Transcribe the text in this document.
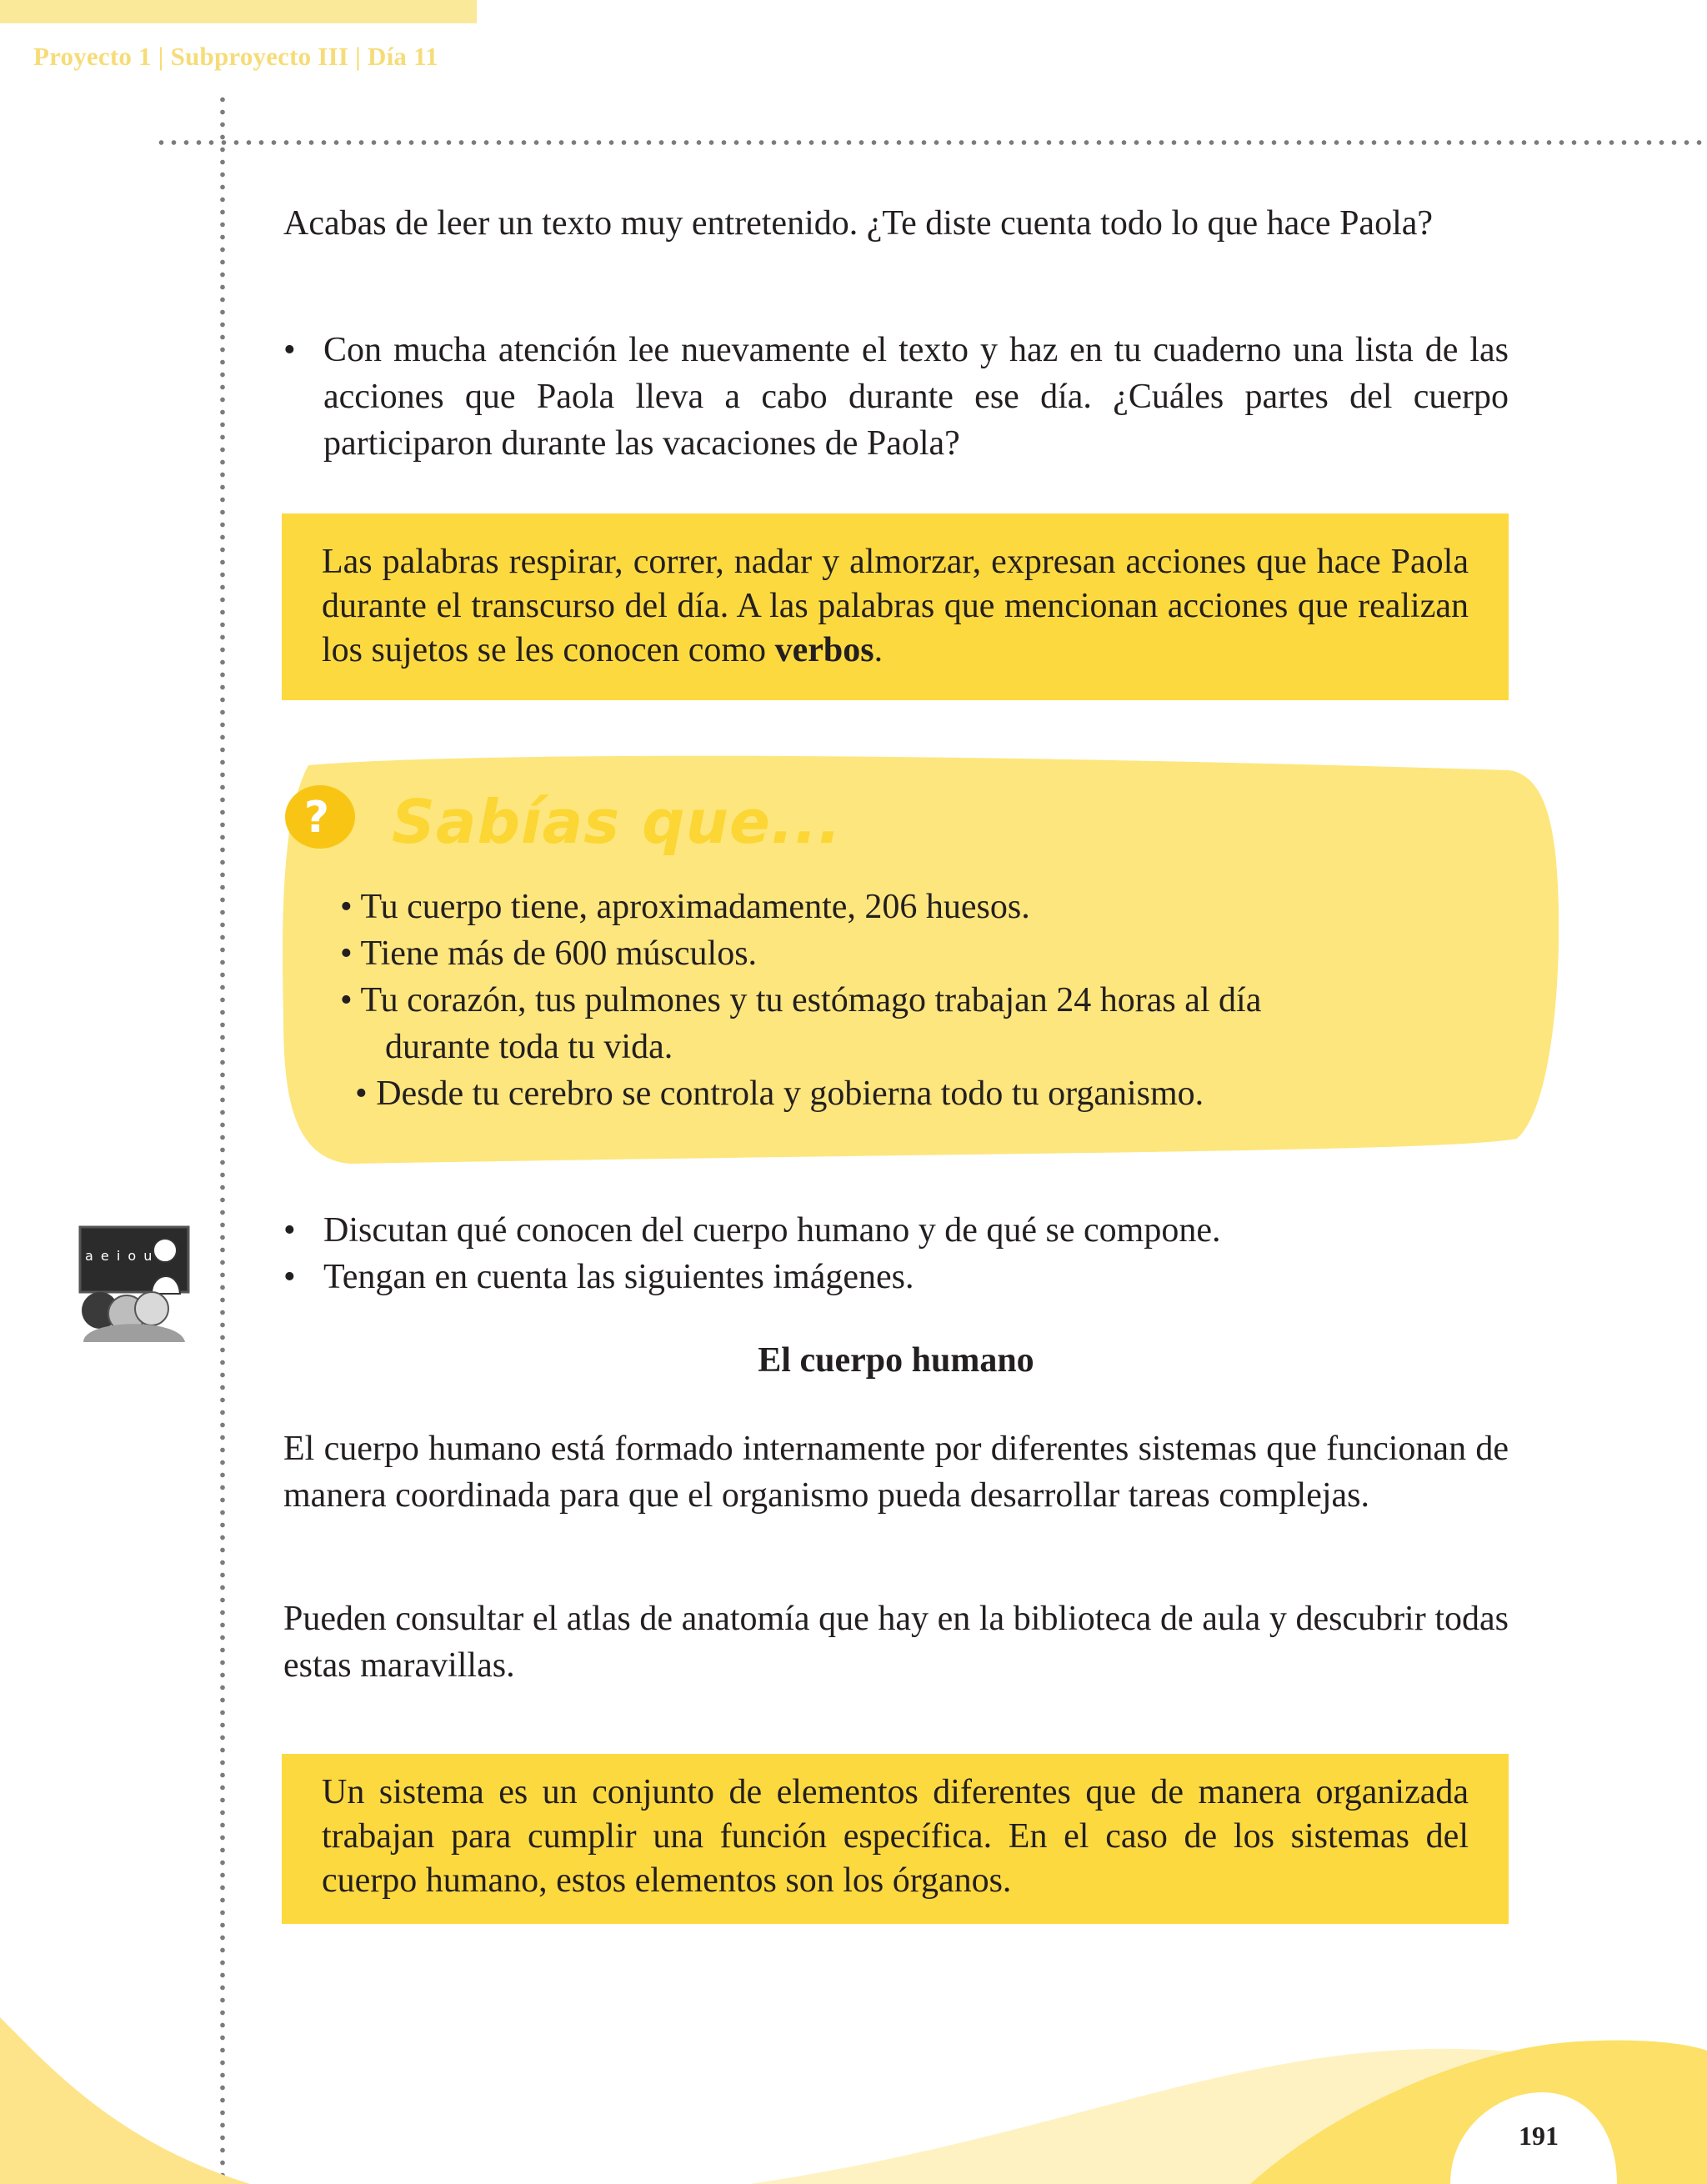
Proyecto 1 | Subproyecto III | Día 11

Acabas de leer un texto muy entretenido. ¿Te diste cuenta todo lo que hace Paola?

• Con mucha atención lee nuevamente el texto y haz en tu cuaderno una lista de las acciones que Paola lleva a cabo durante ese día. ¿Cuáles partes del cuerpo participaron durante las vacaciones de Paola?

Las palabras respirar, correr, nadar y almorzar, expresan acciones que hace Paola durante el transcurso del día. A las palabras que mencionan acciones que realizan los sujetos se les conocen como verbos.

? Sabías que...
• Tu cuerpo tiene, aproximadamente, 206 huesos.
• Tiene más de 600 músculos.
• Tu corazón, tus pulmones y tu estómago trabajan 24 horas al día
durante toda tu vida.
• Desde tu cerebro se controla y gobierna todo tu organismo.
a e i o u
• Discutan qué conocen del cuerpo humano y de qué se compone.
• Tengan en cuenta las siguientes imágenes.
El cuerpo humano

El cuerpo humano está formado internamente por diferentes sistemas que funcionan de manera coordinada para que el organismo pueda desarrollar tareas complejas.

Pueden consultar el atlas de anatomía que hay en la biblioteca de aula y descubrir todas estas maravillas.

Un sistema es un conjunto de elementos diferentes que de manera organizada trabajan para cumplir una función específica. En el caso de los sistemas del cuerpo humano, estos elementos son los órganos.

191
